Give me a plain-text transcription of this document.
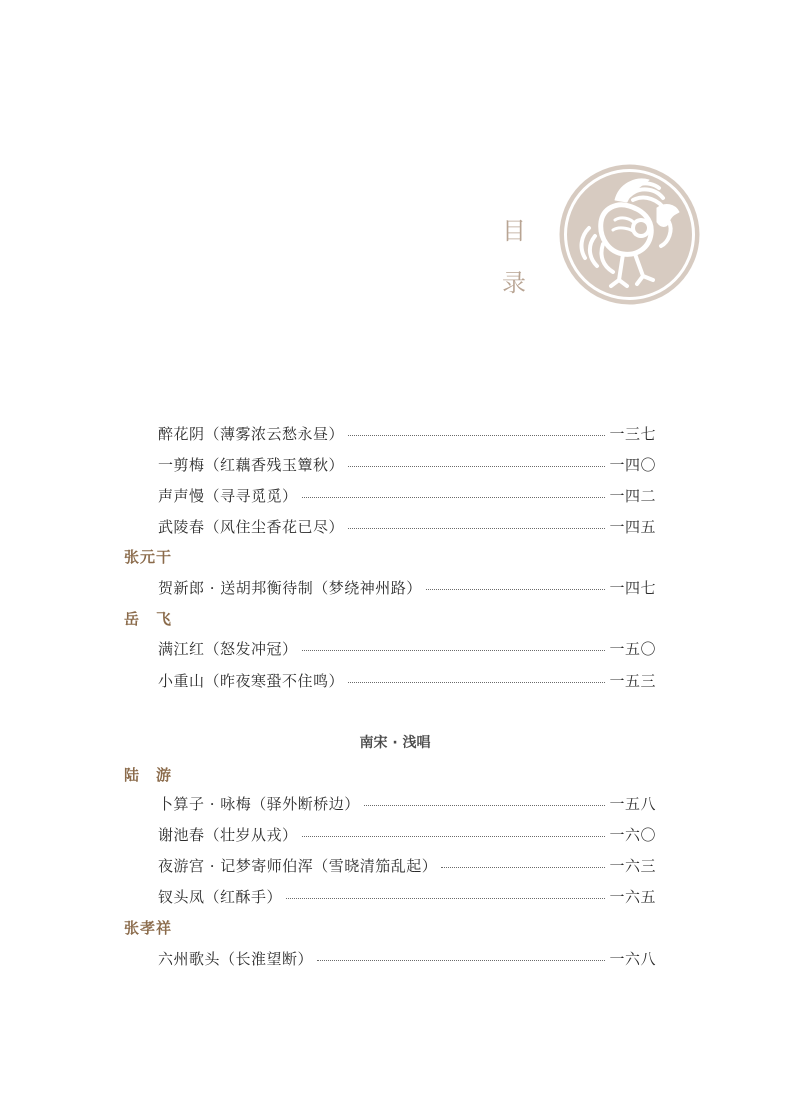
目
录
醉花阴（薄雾浓云愁永昼）	一三七
一剪梅（红藕香残玉簟秋）	一四〇
声声慢（寻寻觅觅）	一四二
武陵春（风住尘香花已尽）	一四五
张元干
贺新郎 · 送胡邦衡待制（梦绕神州路）	一四七
岳　飞
满江红（怒发冲冠）	一五〇
小重山（昨夜寒蛩不住鸣）	一五三
南宋 · 浅唱
陆　游
卜算子 · 咏梅（驿外断桥边）	一五八
谢池春（壮岁从戎）	一六〇
夜游宫 · 记梦寄师伯浑（雪晓清笳乱起）	一六三
钗头凤（红酥手）	一六五
张孝祥
六州歌头（长淮望断）	一六八
